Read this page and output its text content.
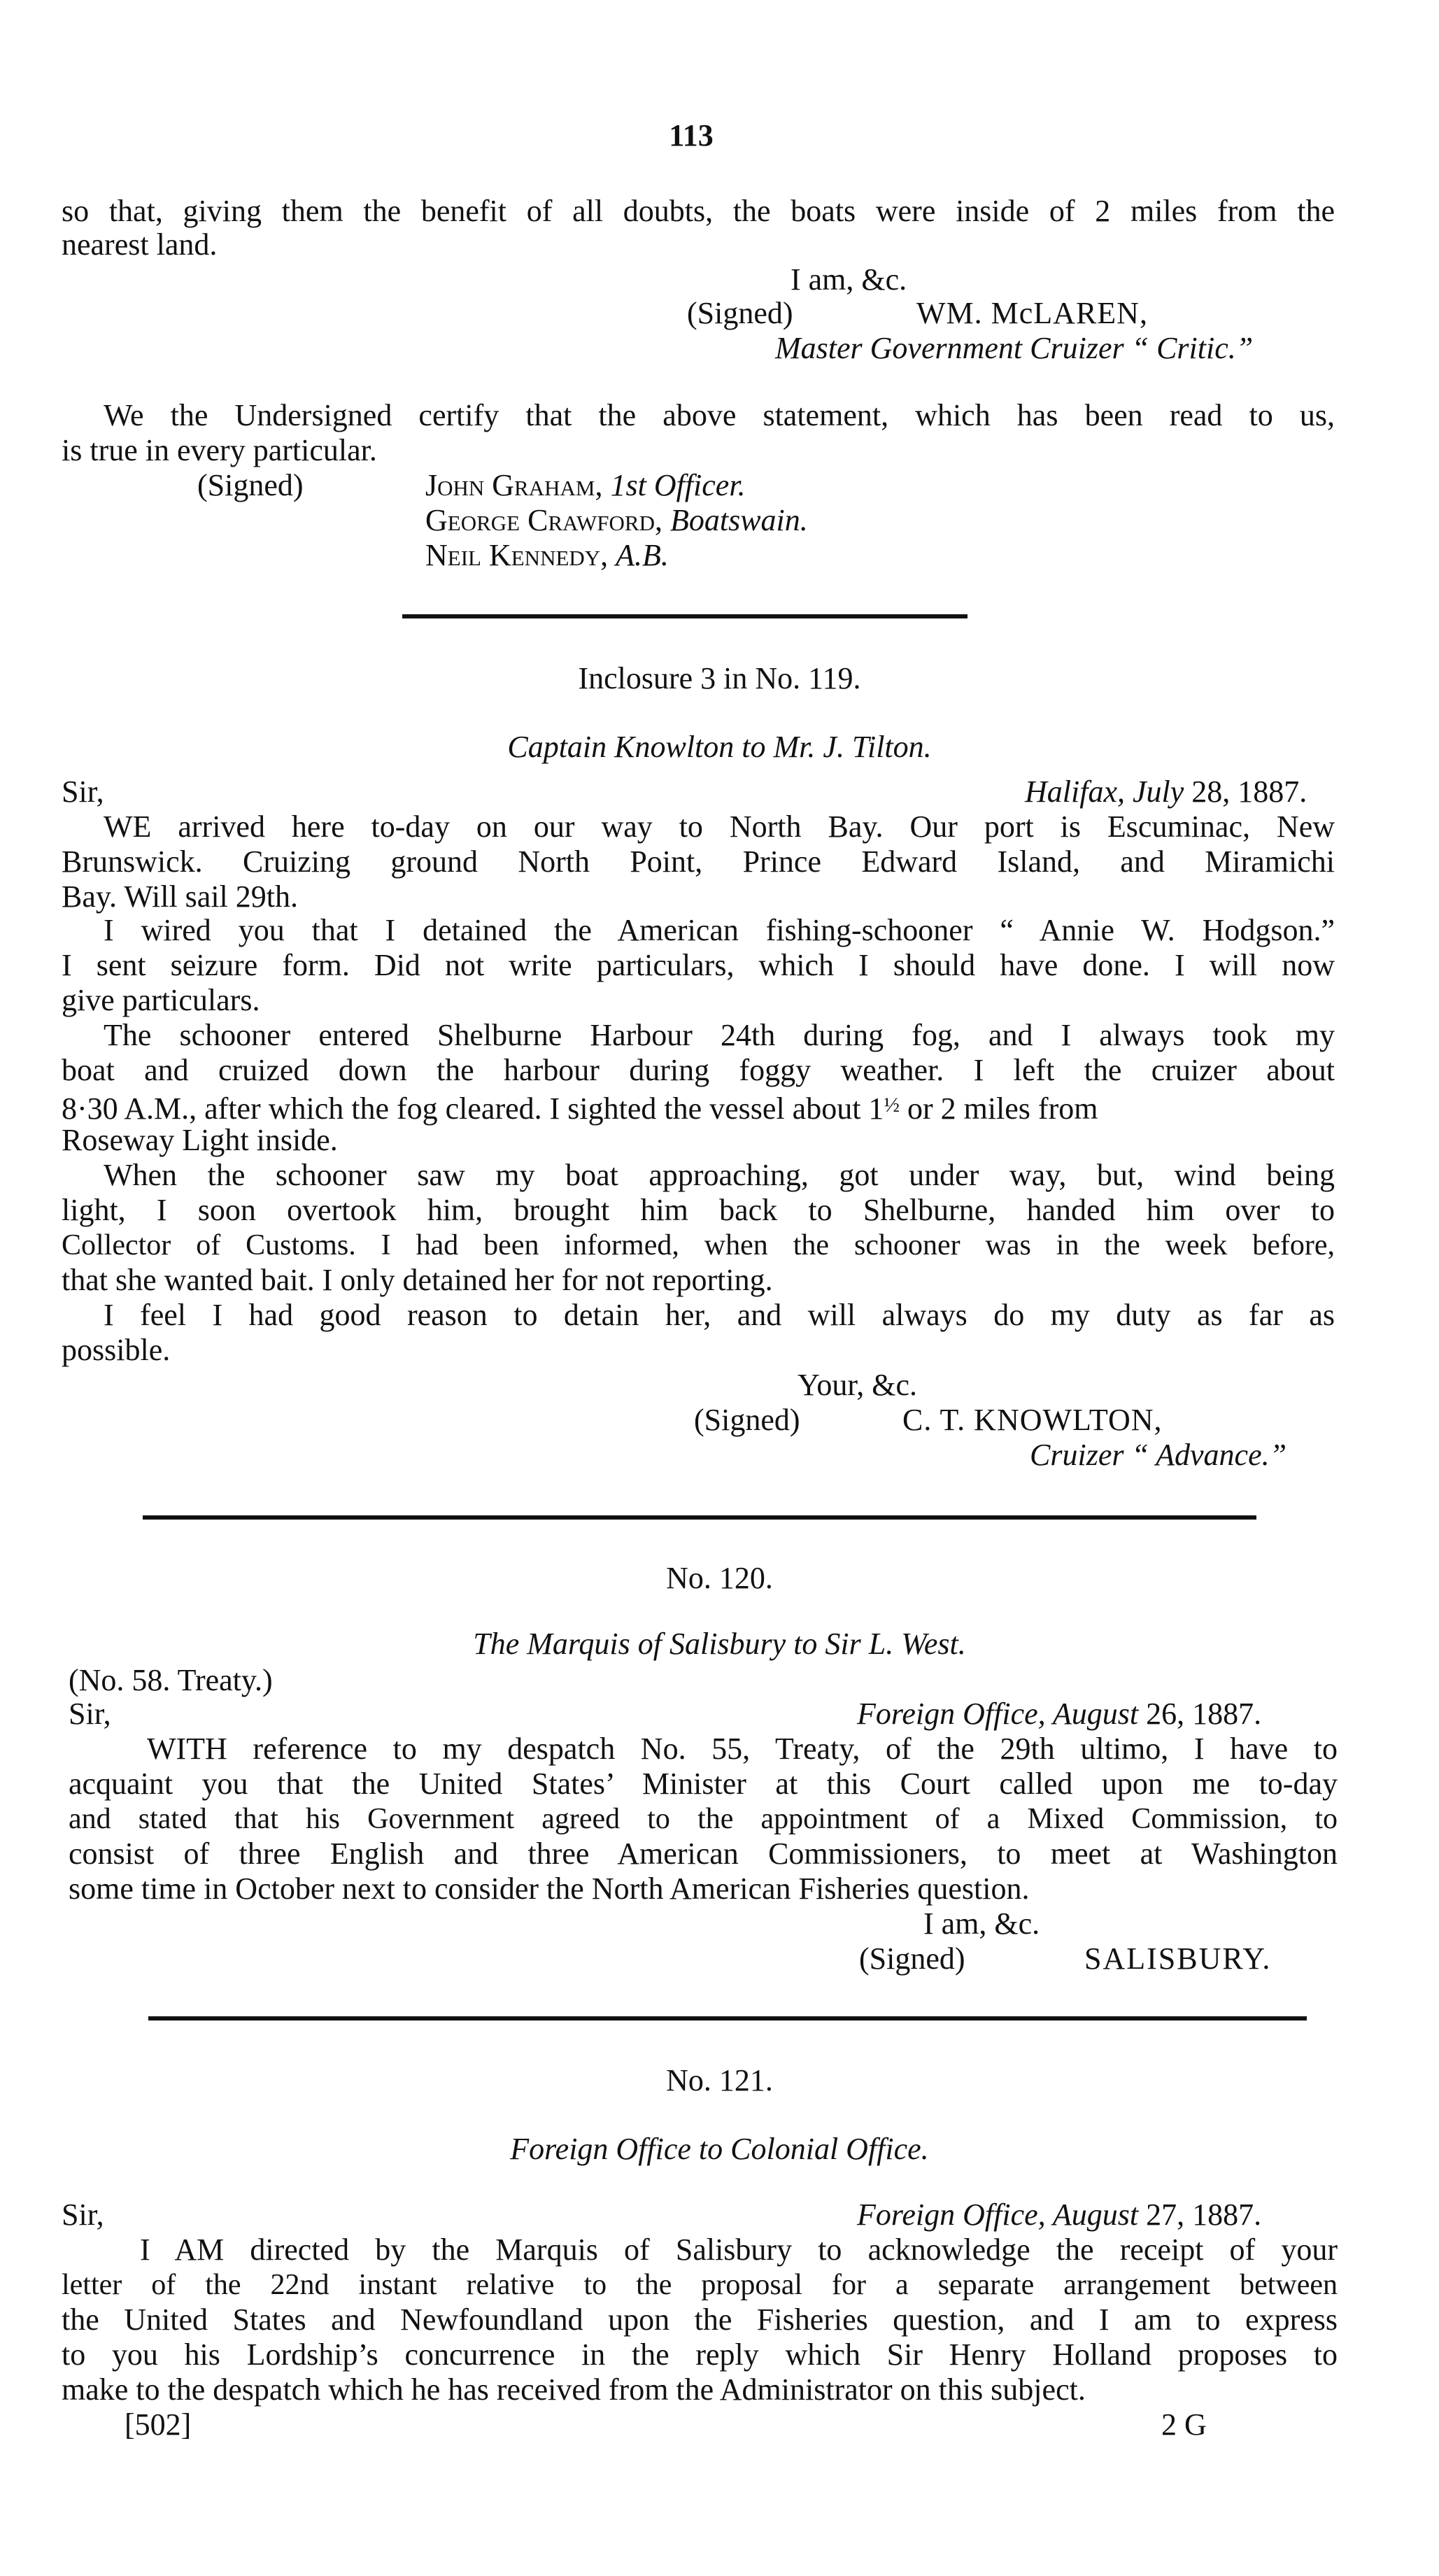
113
so that, giving them the benefit of all doubts, the boats were inside of 2 miles from the
nearest land.
I am, &c.
(Signed)	WM. McLAREN,
Master Government Cruizer “ Critic.”
We the Undersigned certify that the above statement, which has been read to us,
is true in every particular.
(Signed)	John Graham, 1st Officer.
George Crawford, Boatswain.
Neil Kennedy, A.B.
Inclosure 3 in No. 119.
Captain Knowlton to Mr. J. Tilton.
Sir,	Halifax, July 28, 1887.
WE arrived here to-day on our way to North Bay. Our port is Escuminac, New
Brunswick. Cruizing ground North Point, Prince Edward Island, and Miramichi
Bay. Will sail 29th.
I wired you that I detained the American fishing-schooner “ Annie W. Hodgson.”
I sent seizure form. Did not write particulars, which I should have done. I will now
give particulars.
The schooner entered Shelburne Harbour 24th during fog, and I always took my
boat and cruized down the harbour during foggy weather. I left the cruizer about
8·30 A.M., after which the fog cleared. I sighted the vessel about $1^{\frac{1}{2}}$ or 2 miles from
Roseway Light inside.
When the schooner saw my boat approaching, got under way, but, wind being
light, I soon overtook him, brought him back to Shelburne, handed him over to
Collector of Customs. I had been informed, when the schooner was in the week before,
that she wanted bait. I only detained her for not reporting.
I feel I had good reason to detain her, and will always do my duty as far as
possible.
Your, &c.
(Signed)	C. T. KNOWLTON,
Cruizer “ Advance.”
No. 120.
The Marquis of Salisbury to Sir L. West.
(No. 58. Treaty.)
Sir,	Foreign Office, August 26, 1887.
WITH reference to my despatch No. 55, Treaty, of the 29th ultimo, I have to
acquaint you that the United States’ Minister at this Court called upon me to-day
and stated that his Government agreed to the appointment of a Mixed Commission, to
consist of three English and three American Commissioners, to meet at Washington
some time in October next to consider the North American Fisheries question.
I am, &c.
(Signed)	SALISBURY.
No. 121.
Foreign Office to Colonial Office.
Sir,	Foreign Office, August 27, 1887.
I AM directed by the Marquis of Salisbury to acknowledge the receipt of your
letter of the 22nd instant relative to the proposal for a separate arrangement between
the United States and Newfoundland upon the Fisheries question, and I am to express
to you his Lordship’s concurrence in the reply which Sir Henry Holland proposes to
make to the despatch which he has received from the Administrator on this subject.
[502]	2 G
